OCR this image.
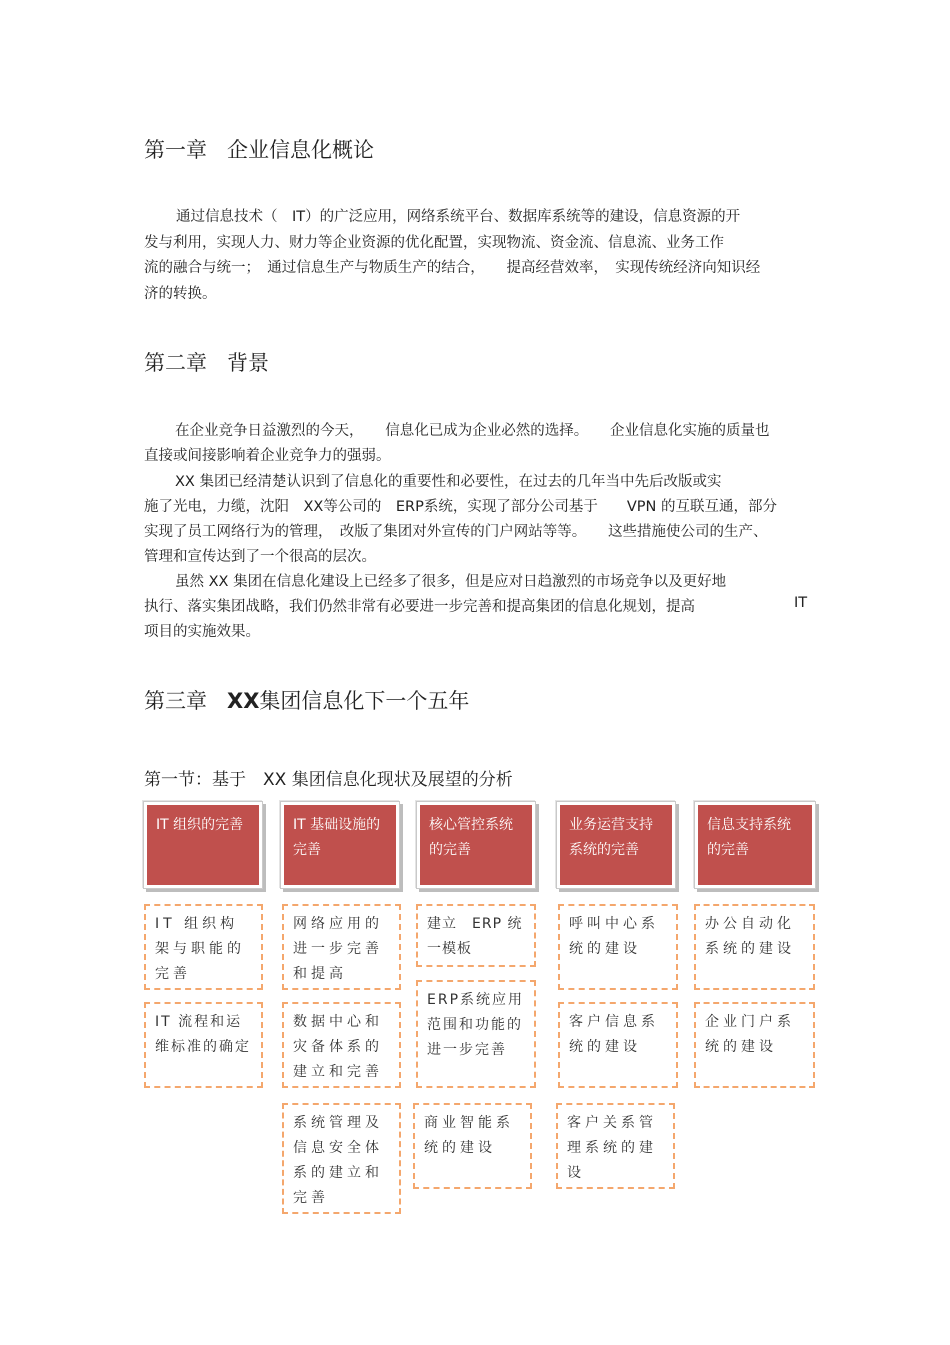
第一章 企业信息化概论
通过信息技术（　IT）的广泛应用，网络系统平台、数据库系统等的建设，信息资源的开
发与利用，实现人力、财力等企业资源的优化配置，实现物流、资金流、信息流、业务工作
流的融合与统一；　通过信息生产与物质生产的结合，　　提高经营效率，　实现传统经济向知识经
济的转换。
第二章 背景
在企业竞争日益激烈的今天，　　信息化已成为企业必然的选择。　　企业信息化实施的质量也
直接或间接影响着企业竞争力的强弱。
XX 集团已经清楚认识到了信息化的重要性和必要性，在过去的几年当中先后改版或实
施了光电，力缆，沈阳　XX等公司的　ERP系统，实现了部分公司基于　　VPN 的互联互通，部分
实现了员工网络行为的管理，　改版了集团对外宣传的门户网站等等。　　这些措施使公司的生产、
管理和宣传达到了一个很高的层次。
虽然 XX 集团在信息化建设上已经多了很多，但是应对日趋激烈的市场竞争以及更好地
执行、落实集团战略，我们仍然非常有必要进一步完善和提高集团的信息化规划，提高	IT
项目的实施效果。
第三章 XX集团信息化下一个五年
第一节：基于　XX 集团信息化现状及展望的分析
IT 组织的完善	IT 基础设施的完善
核心管控系统的完善
业务运营支持系统的完善
信息支持系统的完善
IT 组织构架与职能的完善
IT 流程和运维标准的确定
网络应用的进一步完善和提高
数据中心和灾备体系的建立和完善
系统管理及信息安全体系的建立和完善
建立　ERP 统一模板
ERP系统应用范围和功能的进一步完善
商业智能系统的建设
呼叫中心系统的建设
客户信息系统的建设
客户关系管理系统的建设
办公自动化系统的建设
企业门户系统的建设
